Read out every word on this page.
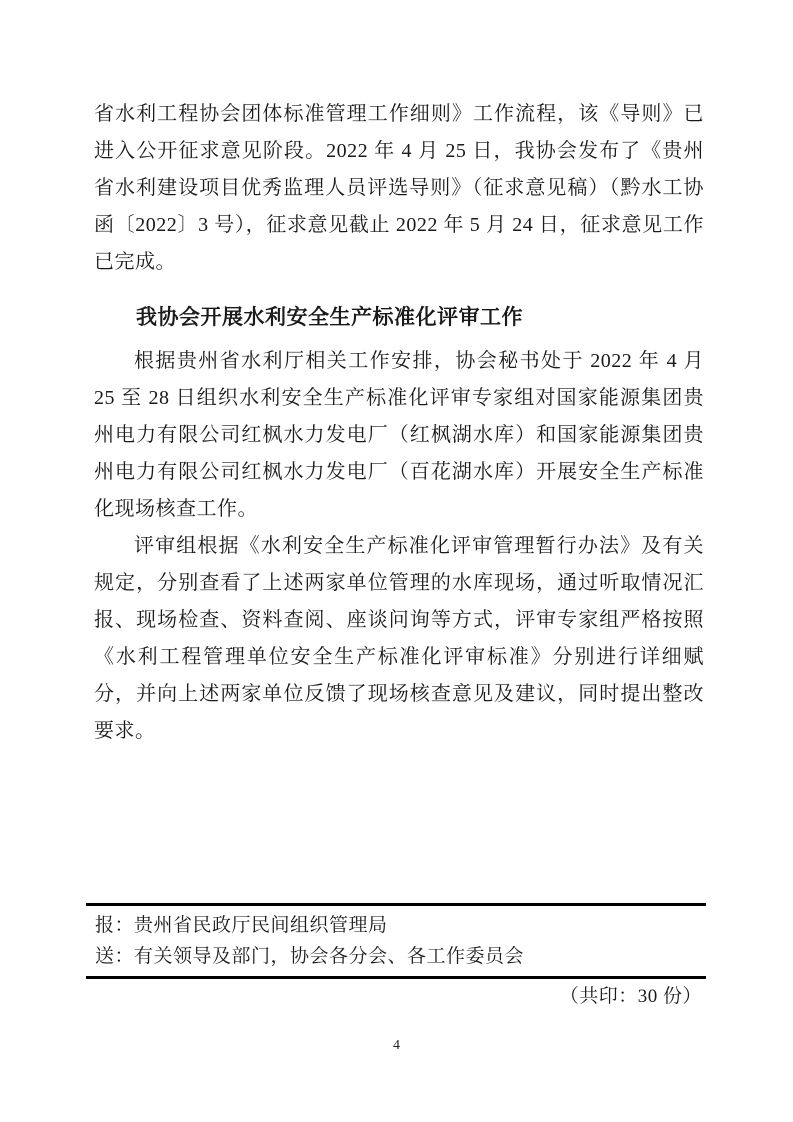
省水利工程协会团体标准管理工作细则》工作流程，该《导则》已进入公开征求意见阶段。2022 年 4 月 25 日，我协会发布了《贵州省水利建设项目优秀监理人员评选导则》（征求意见稿）（黔水工协函〔2022〕3 号），征求意见截止 2022 年 5 月 24 日，征求意见工作已完成。

我协会开展水利安全生产标准化评审工作

根据贵州省水利厅相关工作安排，协会秘书处于 2022 年 4 月 25 至 28 日组织水利安全生产标准化评审专家组对国家能源集团贵州电力有限公司红枫水力发电厂（红枫湖水库）和国家能源集团贵州电力有限公司红枫水力发电厂（百花湖水库）开展安全生产标准化现场核查工作。

评审组根据《水利安全生产标准化评审管理暂行办法》及有关规定，分别查看了上述两家单位管理的水库现场，通过听取情况汇报、现场检查、资料查阅、座谈问询等方式，评审专家组严格按照《水利工程管理单位安全生产标准化评审标准》分别进行详细赋分，并向上述两家单位反馈了现场核查意见及建议，同时提出整改要求。

报：贵州省民政厅民间组织管理局
送：有关领导及部门，协会各分会、各工作委员会
（共印：30 份）
4
